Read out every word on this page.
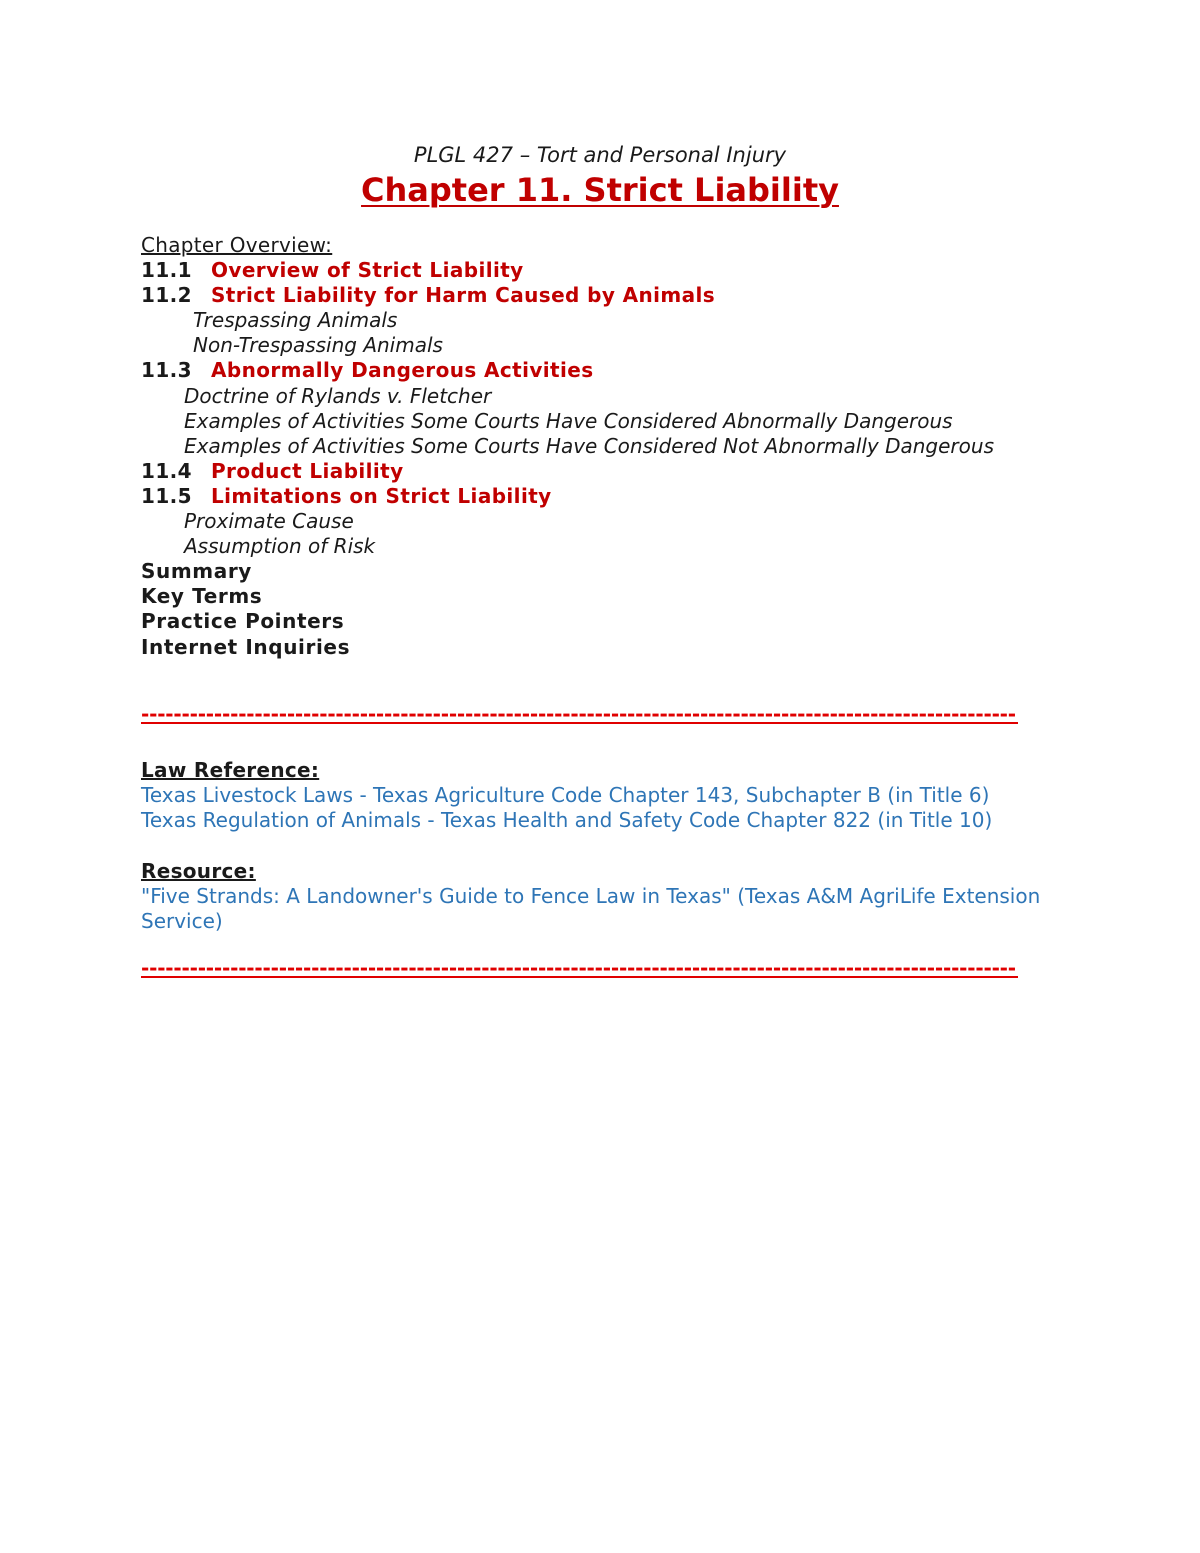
PLGL 427 – Tort and Personal Injury
Chapter 11. Strict Liability
Chapter Overview:
11.1 Overview of Strict Liability
11.2 Strict Liability for Harm Caused by Animals
Trespassing Animals
Non-Trespassing Animals
11.3 Abnormally Dangerous Activities
Doctrine of Rylands v. Fletcher
Examples of Activities Some Courts Have Considered Abnormally Dangerous
Examples of Activities Some Courts Have Considered Not Abnormally Dangerous
11.4 Product Liability
11.5 Limitations on Strict Liability
Proximate Cause
Assumption of Risk
Summary
Key Terms
Practice Pointers
Internet Inquiries
------------------------------------------------------------------------------------------------------------
Law Reference:
Texas Livestock Laws - Texas Agriculture Code Chapter 143, Subchapter B (in Title 6)
Texas Regulation of Animals - Texas Health and Safety Code Chapter 822 (in Title 10)
Resource:
"Five Strands: A Landowner's Guide to Fence Law in Texas" (Texas A&M AgriLife Extension Service)
------------------------------------------------------------------------------------------------------------
